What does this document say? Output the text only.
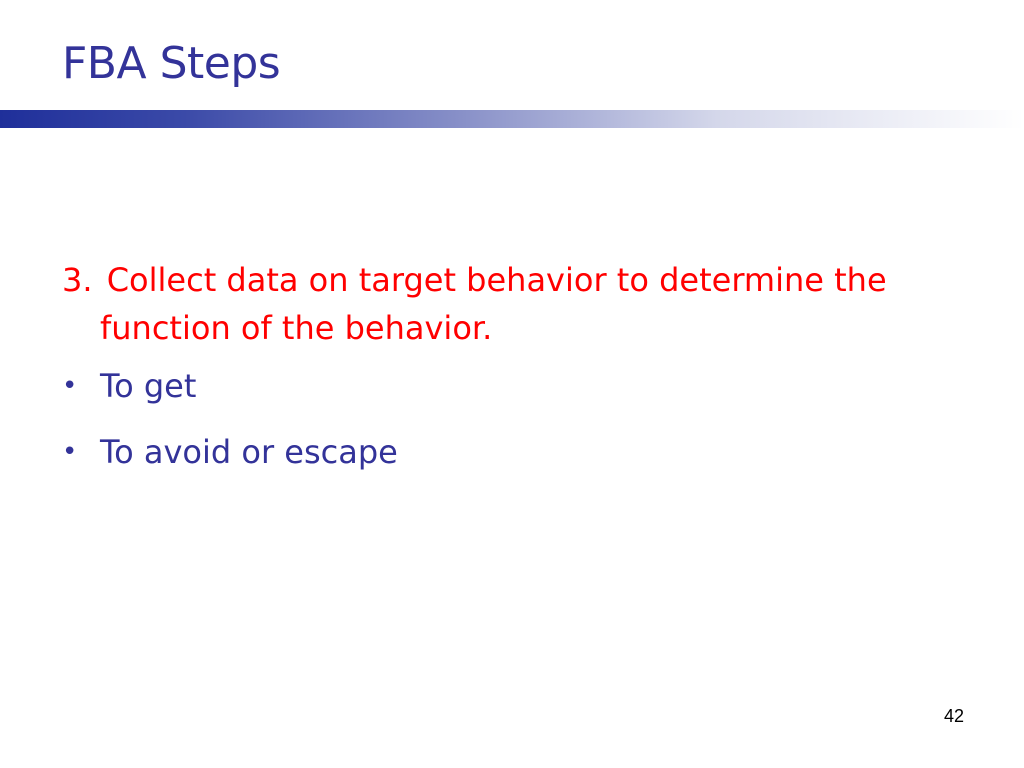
FBA Steps

3. Collect data on target behavior to determine the function of the behavior.

• To get
• To avoid or escape
42
